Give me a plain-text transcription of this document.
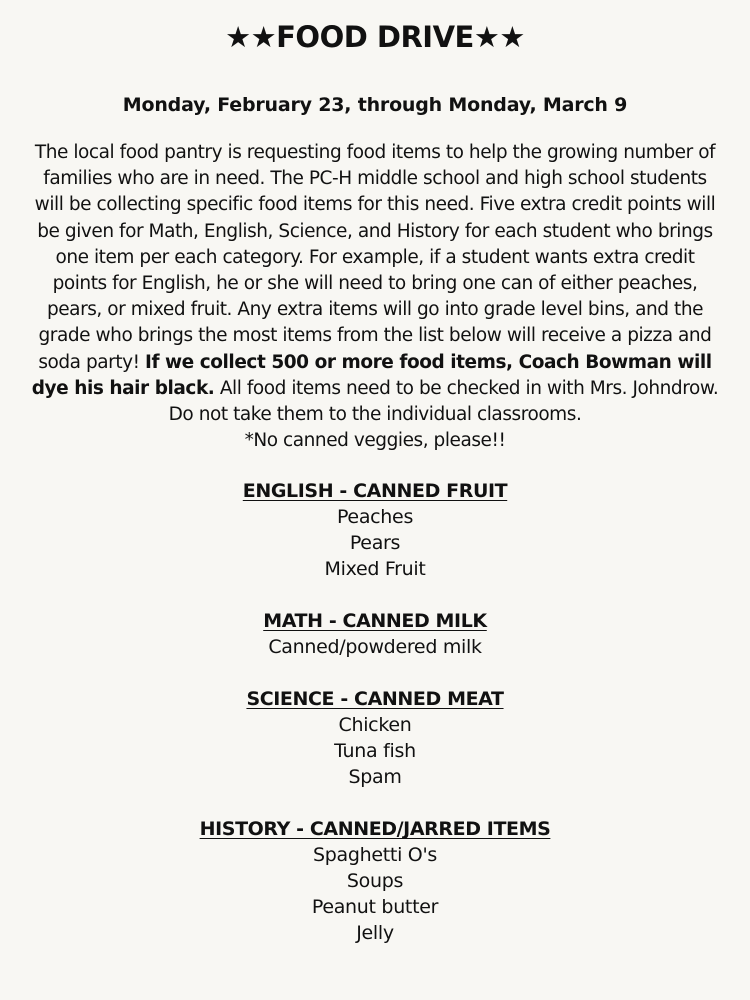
★★FOOD DRIVE★★

Monday, February 23, through Monday, March 9

The local food pantry is requesting food items to help the growing number of families who are in need. The PC-H middle school and high school students will be collecting specific food items for this need. Five extra credit points will be given for Math, English, Science, and History for each student who brings one item per each category. For example, if a student wants extra credit points for English, he or she will need to bring one can of either peaches, pears, or mixed fruit. Any extra items will go into grade level bins, and the grade who brings the most items from the list below will receive a pizza and soda party! If we collect 500 or more food items, Coach Bowman will dye his hair black. All food items need to be checked in with Mrs. Johndrow. Do not take them to the individual classrooms.
*No canned veggies, please!!

ENGLISH - CANNED FRUIT

Peaches

Pears

Mixed Fruit

MATH - CANNED MILK

Canned/powdered milk

SCIENCE - CANNED MEAT

Chicken

Tuna fish

Spam

HISTORY - CANNED/JARRED ITEMS

Spaghetti O's

Soups

Peanut butter

Jelly
